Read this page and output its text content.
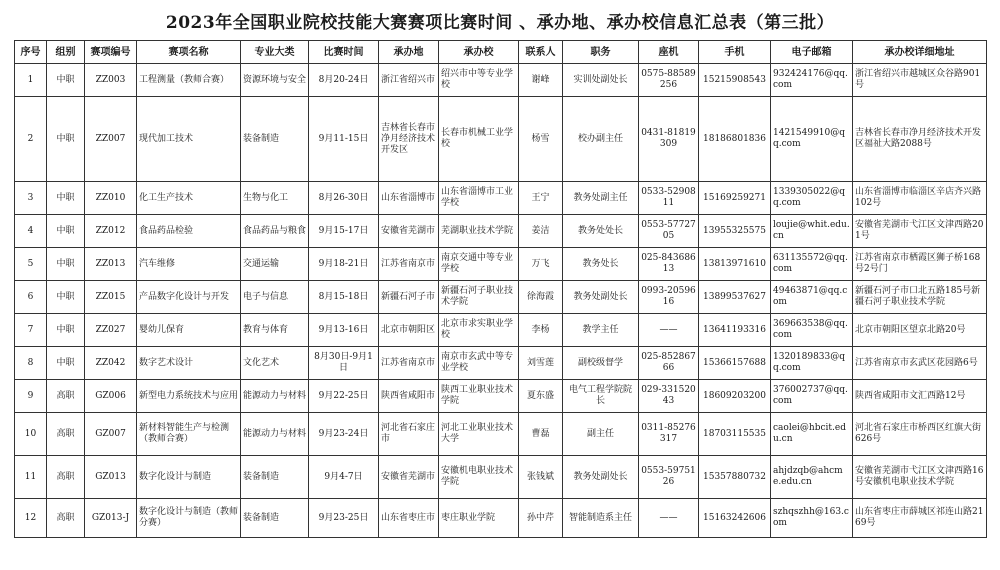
2023年全国职业院校技能大赛赛项比赛时间 、承办地、承办校信息汇总表（第三批）
序号	组别	赛项编号	赛项名称	专业大类	比赛时间	承办地	承办校	联系人	职务	座机	手机	电子邮箱	承办校详细地址
1	中职	ZZ003	工程测量（教师合赛）	资源环境与安全	8月20-24日	浙江省绍兴市	绍兴市中等专业学校	谢峰	实训处副处长	0575-88589256	15215908543	932424176@qq.com	浙江省绍兴市越城区众谷路901号
2	中职	ZZ007	现代加工技术	装备制造	9月11-15日	吉林省长春市净月经济技术开发区	长春市机械工业学校	杨雪	校办副主任	0431-81819309	18186801836	1421549910@qq.com	吉林省长春市净月经济技术开发区福祉大路2088号
3	中职	ZZ010	化工生产技术	生物与化工	8月26-30日	山东省淄博市	山东省淄博市工业学校	王宁	教务处副主任	0533-5290811	15169259271	1339305022@qq.com	山东省淄博市临淄区辛店齐兴路102号
4	中职	ZZ012	食品药品检验	食品药品与粮食	9月15-17日	安徽省芜湖市	芜湖职业技术学院	姜洁	教务处处长	0553-5772705	13955325575	loujie@whit.edu.cn	安徽省芜湖市弋江区文津西路201号
5	中职	ZZ013	汽车维修	交通运输	9月18-21日	江苏省南京市	南京交通中等专业学校	万飞	教务处长	025-84368613	13813971610	631135572@qq.com	江苏省南京市栖霞区狮子桥168号2号门
6	中职	ZZ015	产品数字化设计与开发	电子与信息	8月15-18日	新疆石河子市	新疆石河子职业技术学院	徐海霞	教务处副处长	0993-2059616	13899537627	49463871@qq.com	新疆石河子市口北五路185号新疆石河子职业技术学院
7	中职	ZZ027	婴幼儿保育	教育与体育	9月13-16日	北京市朝阳区	北京市求实职业学校	李杨	教学主任	——	13641193316	369663538@qq.com	北京市朝阳区望京北路20号
8	中职	ZZ042	数字艺术设计	文化艺术	8月30日-9月1日	江苏省南京市	南京市玄武中等专业学校	刘雪莲	副校级督学	025-85286766	15366157688	1320189833@qq.com	江苏省南京市玄武区花园路6号
9	高职	GZ006	新型电力系统技术与应用	能源动力与材料	9月22-25日	陕西省咸阳市	陕西工业职业技术学院	夏东盛	电气工程学院院长	029-33152043	18609203200	376002737@qq.com	陕西省咸阳市文汇西路12号
10	高职	GZ007	新材料智能生产与检测（教师合赛）	能源动力与材料	9月23-24日	河北省石家庄市	河北工业职业技术大学	曹磊	副主任	0311-85276317	18703115535	caolei@hbcit.edu.cn	河北省石家庄市桥西区红旗大街626号
11	高职	GZ013	数字化设计与制造	装备制造	9月4-7日	安徽省芜湖市	安徽机电职业技术学院	张钱斌	教务处副处长	0553-5975126	15357880732	ahjdzqb@ahcme.edu.cn	安徽省芜湖市弋江区文津西路16号安徽机电职业技术学院
12	高职	GZ013-J	数字化设计与制造（教师分赛）	装备制造	9月23-25日	山东省枣庄市	枣庄职业学院	孙中芹	智能制造系主任	——	15163242606	szhqszhh@163.com	山东省枣庄市薛城区祁连山路2169号
